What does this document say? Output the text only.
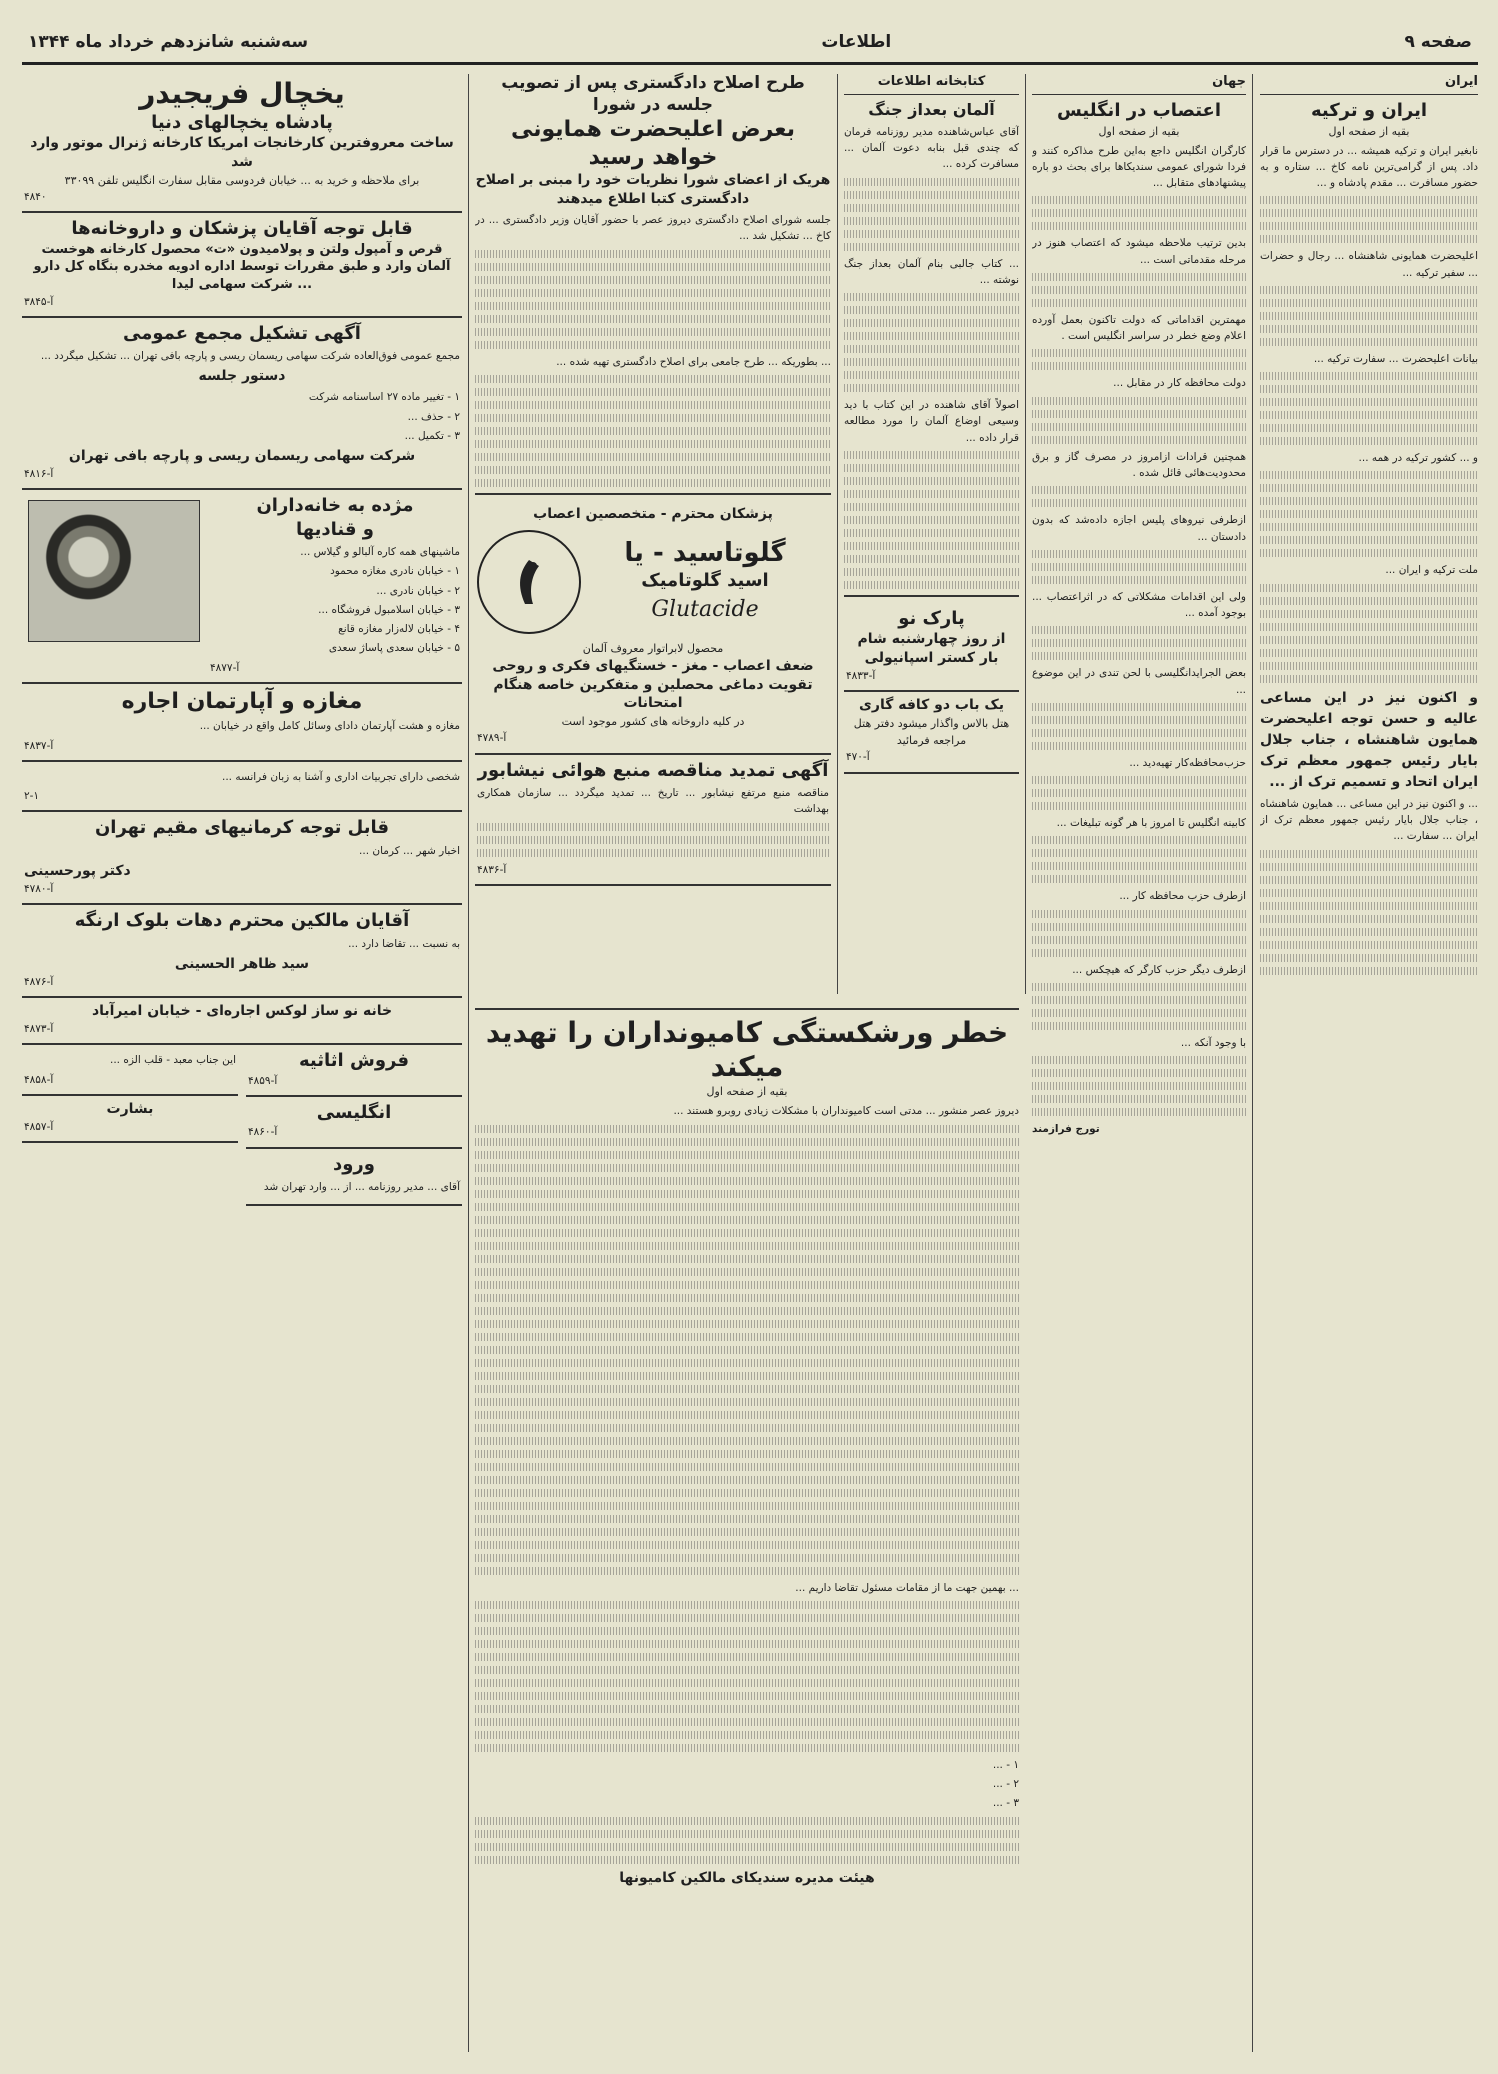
صفحه ۹
اطلاعات
سه‌شنبه شانزدهم خرداد ماه ۱۳۴۴
ایران
ایران و ترکیه
بقیه از صفحه اول

نابغیر ایران و ترکیه همیشه ... در دسترس ما قرار داد. پس از گرامی‌ترین نامه کاخ ... ستاره و به حضور مسافرت ... مقدم پادشاه و ...

اعلیحضرت همایونی شاهنشاه ... رجال و حضرات ... سفیر ترکیه ...

بیانات اعلیحضرت ... سفارت ترکیه ...

و ... کشور ترکیه در همه ...

ملت ترکیه و ایران ...

و اکنون نیز در این مساعی عالیه و حسن توجه اعلیحضرت همایون شاهنشاه ، جناب جلال بایار رئیس جمهور معظم ترک ایران اتحاد و تسمیم ترک از ...

... و اکنون نیز در این مساعی ... همایون شاهنشاه ، جناب جلال بایار رئیس جمهور معظم ترک از ایران ... سفارت ...

جهان
اعتصاب در انگلیس
بقیه از صفحه اول

کارگران انگلیس داجع به‌این طرح مذاکره کنند و فردا شورای عمومی سندیکاها برای بحث دو باره پیشنهادهای متقابل ...

بدین ترتیب ملاحظه میشود که اعتصاب هنوز در مرحله مقدماتی است ...

مهمترین اقداماتی که دولت تاکنون بعمل آورده اعلام وضع خطر در سراسر انگلیس است .

دولت محافظه کار در مقابل ...

همچنین قرادات ازامروز در مصرف گاز و برق محدودیت‌هائی قائل شده .

ازطرفی نیروهای پلیس اجازه داده‌شد که بدون دادستان ...

ولی این اقدامات مشکلاتی که در اثراعتصاب ... بوجود آمده ...

بعض الجرایدانگلیسی با لحن تندی در این موضوع ...

حزب‌محافظه‌کار تهیه‌دید ...

کابینه انگلیس تا امروز با هر گونه تبلیغات ...

ازطرف حزب محافظه کار ...

ازطرف دیگر حزب کارگر که هیچکس ...

با وجود آنکه ...

تورج فرازمند

کتابخانه اطلاعات
آلمان بعداز جنگ

آقای عباس‌شاهنده مدیر روزنامه فرمان که چندی قبل بنابه دعوت آلمان ... مسافرت کرده ...

... کتاب جالبی بنام آلمان بعداز جنگ نوشته ...

اصولاً آقای شاهنده در این کتاب با دید وسیعی اوضاع آلمان را مورد مطالعه قرار داده ...

پارک نو
از روز چهارشنبه شام بار کستر اسپانیولی
آ-۴۸۳۳
یک باب دو کافه گاری
هتل بالاس واگذار میشود دفتر هتل مراجعه فرمائید
آ-۴۷۰
طرح اصلاح دادگستری پس از تصویب جلسه در شورا
بعرض اعلیحضرت همایونی خواهد رسید
هریک از اعضای شورا نظریات خود را مبنی بر اصلاح
دادگستری کتبا اطلاع میدهند

جلسه شورای اصلاح دادگستری دیروز عصر با حضور آقایان وزیر دادگستری ... در کاخ ... تشکیل شد ...

... بطوریکه ... طرح جامعی برای اصلاح دادگستری تهیه شده ...

پزشکان محترم - متخصصین اعصاب
گلوتاسید - یا
اسید گلوتامیک
Glutacide
محصول لابراتوار معروف آلمان
ضعف اعصاب - مغز - خستگیهای فکری و روحی
تقویت دماغی محصلین و متفکرین خاصه هنگام امتحانات
در کلیه داروخانه های کشور موجود است
آ-۴۷۸۹
آگهی تمدید مناقصه منبع هوائی نیشابور

مناقصه منبع مرتفع نیشابور ... تاریخ ... تمدید میگردد ... سازمان همکاری بهداشت

آ-۴۸۳۶
خطر ورشکستگی کامیونداران را تهدید میکند
بقیه از صفحه اول

دیروز عصر منشور ... مدتی است کامیونداران با مشکلات زیادی روبرو هستند ...

... بهمین جهت ما از مقامات مسئول تقاضا داریم ...

۱ - ...

۲ - ...

۳ - ...

هیئت مدیره سندیکای مالکین کامیونها
یخچال فریجیدر
پادشاه یخچالهای دنیا
ساخت معروفترین کارخانجات امریکا کارخانه ژنرال موتور وارد شد
برای ملاحظه و خرید به ... خیابان فردوسی مقابل سفارت انگلیس تلفن ۳۳۰۹۹
۴۸۴۰
قابل توجه آقایان پزشکان و داروخانه‌ها
قرص و آمپول ولتن و پولامیدون «ت» محصول کارخانه هوخست آلمان وارد و طبق مقررات توسط اداره ادویه مخدره بنگاه کل دارو ... شرکت سهامی لیدا
آ-۳۸۴۵
آگهی تشکیل مجمع عمومی

مجمع عمومی فوق‌العاده شرکت سهامی ریسمان ریسی و پارچه بافی تهران ... تشکیل میگردد ...

دستور جلسه

۱ - تغییر ماده ۲۷ اساسنامه شرکت

۲ - حذف ...

۳ - تکمیل ...

شرکت سهامی ریسمان ریسی و پارچه بافی تهران
آ-۴۸۱۶
مژده به خانه‌داران
و قنادیها

ماشینهای همه کاره آلبالو و گیلاس ...

۱ - خیابان نادری مغازه محمود

۲ - خیابان نادری ...

۳ - خیابان اسلامبول فروشگاه ...

۴ - خیابان لاله‌زار مغازه قانع

۵ - خیابان سعدی پاساژ سعدی

آ-۴۸۷۷
مغازه و آپارتمان اجاره

مغازه و هشت آپارتمان دادای وسائل کامل واقع در خیابان ...

آ-۴۸۳۷

شخصی دارای تجربیات اداری و آشنا به زبان فرانسه ...

۲-۱
قابل توجه کرمانیهای مقیم تهران

اخبار شهر ... کرمان ...

دکتر پورحسینی
آ-۴۷۸۰
آقایان مالکین محترم دهات بلوک ارنگه

به نسبت ... تقاضا دارد ...

سید ظاهر الحسینی
آ-۴۸۷۶
خانه نو ساز لوکس اجاره‌ای - خیابان امیرآباد
آ-۴۸۷۳
فروش اثاثیه
آ-۴۸۵۹
انگلیسی
آ-۴۸۶۰
ورود

آقای ... مدیر روزنامه ... از ... وارد تهران شد

این جناب معبد - قلب الزه ...

آ-۴۸۵۸
بشارت
آ-۴۸۵۷
